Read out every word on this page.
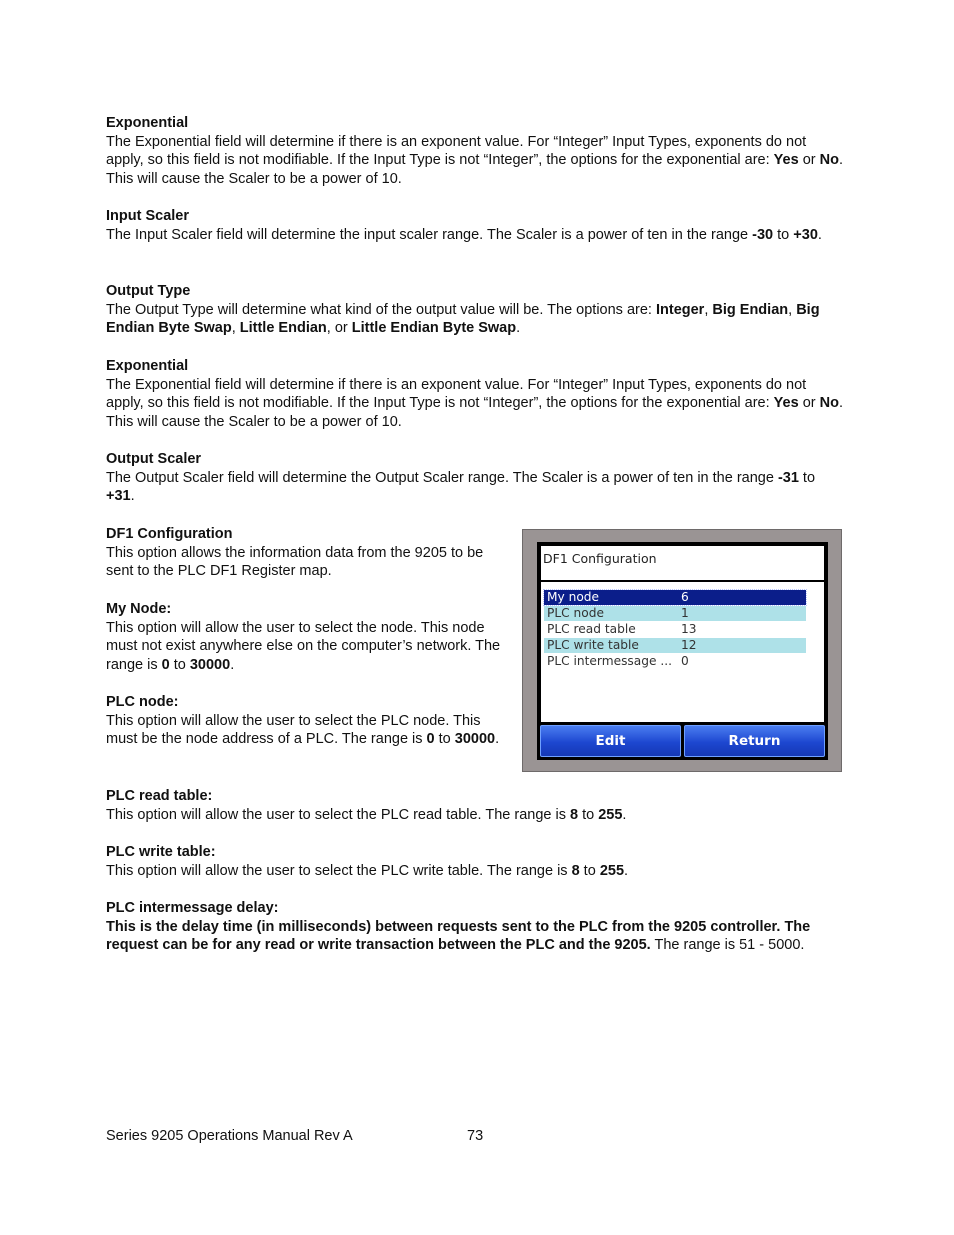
Exponential
The Exponential field will determine if there is an exponent value. For “Integer” Input Types, exponents do not apply, so this field is not modifiable. If the Input Type is not “Integer”, the options for the exponential are: Yes or No. This will cause the Scaler to be a power of 10.

Input Scaler
The Input Scaler field will determine the input scaler range. The Scaler is a power of ten in the range -30 to +30.

Output Type
The Output Type will determine what kind of the output value will be. The options are: Integer, Big Endian, Big Endian Byte Swap, Little Endian, or Little Endian Byte Swap.

Exponential
The Exponential field will determine if there is an exponent value. For “Integer” Input Types, exponents do not apply, so this field is not modifiable. If the Input Type is not “Integer”, the options for the exponential are: Yes or No. This will cause the Scaler to be a power of 10.

Output Scaler
The Output Scaler field will determine the Output Scaler range. The Scaler is a power of ten in the range -31 to +31.

DF1 Configuration
This option allows the information data from the 9205 to be sent to the PLC DF1 Register map.

My Node:
This option will allow the user to select the node. This node must not exist anywhere else on the computer’s network. The range is 0 to 30000.

PLC node:
This option will allow the user to select the PLC node. This must be the node address of a PLC. The range is 0 to 30000.

PLC read table:
This option will allow the user to select the PLC read table. The range is 8 to 255.

PLC write table:
This option will allow the user to select the PLC write table. The range is 8 to 255.

PLC intermessage delay:
This is the delay time (in milliseconds) between requests sent to the PLC from the 9205 controller. The request can be for any read or write transaction between the PLC and the 9205. The range is 51 - 5000.

DF1 Configuration
My node	6
PLC node	1
PLC read table	13
PLC write table	12
PLC intermessage ... 0
Edit	Return
Series 9205 Operations Manual Rev A	73
